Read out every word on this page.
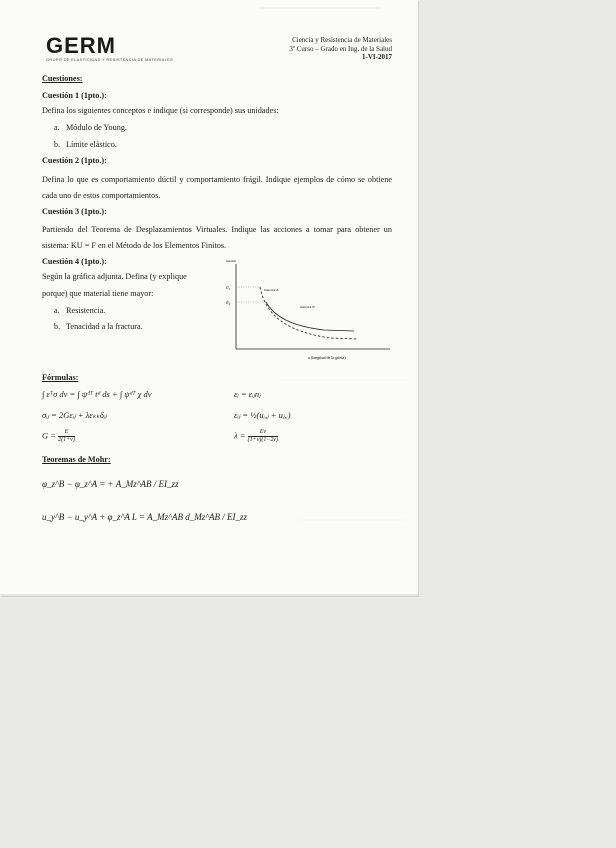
GERM
GRUPO DE ELASTICIDAD Y RESISTENCIA DE MATERIALES
Ciencia y Resistencia de Materiales
3º Curso – Grado en Ing. de la Salud
1-VI-2017
Cuestiones:
Cuestión 1 (1pto.):
Defina los siguientes conceptos e indique (si corresponde) sus unidades:
a. Módulo de Young.
b. Límite elástico.
Cuestión 2 (1pto.):
Defina lo que es comportamiento dúctil y comportamiento frágil. Indique ejemplos de cómo se obtiene cada uno de estos comportamientos.
Cuestión 3 (1pto.):
Partiendo del Teorema de Desplazamientos Virtuales. Indique las acciones a tomar para obtener un sistema: KU = F en el Método de los Elementos Finitos.
Cuestión 4 (1pto.):
Según la gráfica adjunta. Defina (y explique
porque) que material tiene mayor:
a. Resistencia.
b. Tenacidad a la fractura.
tensión
a (longitud de la grieta)
σ₁
σ₂
material A
material B
Fórmulas:
∫ εᵀσ dv = ∫ ψᵈᵀ tᵈ ds + ∫ ψᵈᵀ χ dv	εᵢ = εᵢⱼnⱼ
σᵢⱼ = 2Gεᵢⱼ + λεₖₖδᵢⱼ	εᵢⱼ = ½(uᵢ,ⱼ + uⱼ,ᵢ)
$G = \frac{E}{2(1+\nu)}$	$\lambda = \frac{E\nu}{(1+\nu)(1-2\nu)}$
Teoremas de Mohr:
φ_z^B − φ_z^A = + A_Mz^AB / EI_zz
u_y^B − u_y^A + φ_z^A L = A_Mz^AB d_Mz^AB / EI_zz
